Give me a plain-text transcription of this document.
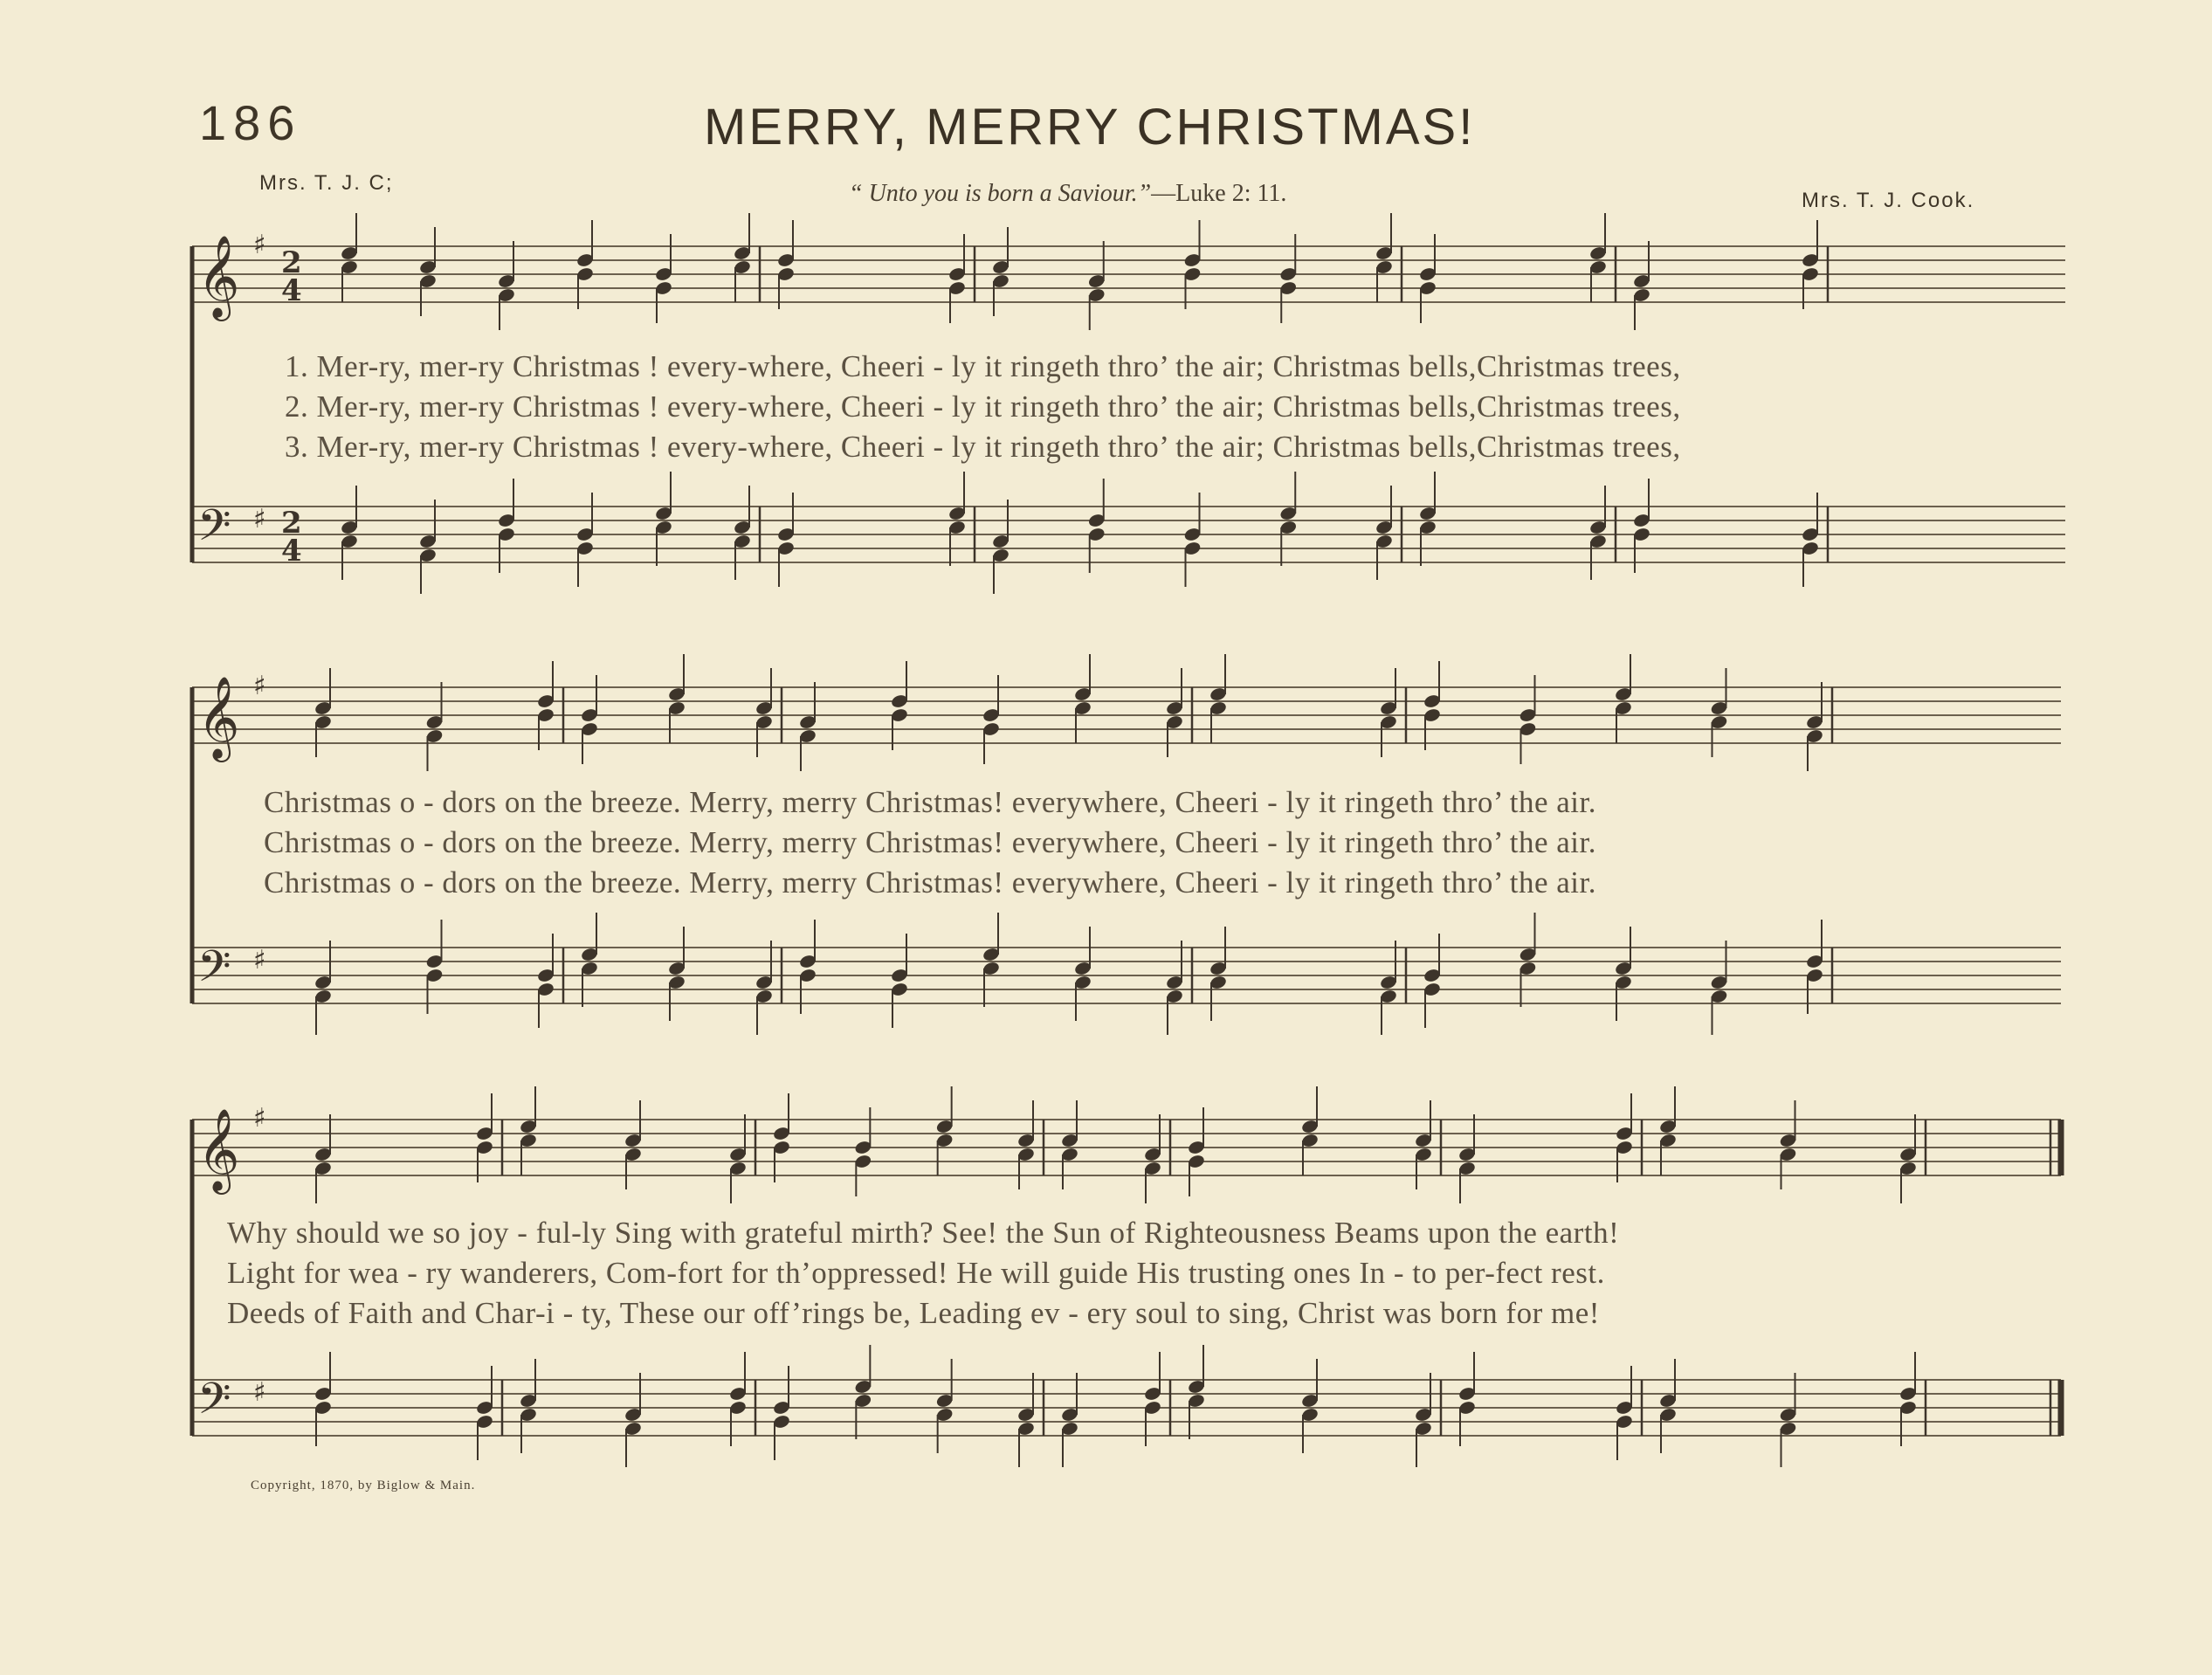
186	MERRY, MERRY CHRISTMAS!
Mrs. T. J. C;	“ Unto you is born a Saviour.”—Luke 2: 11.	Mrs. T. J. Cook.
𝄞 ♯
2
4
𝄢 ♯ 2
4
1. Mer-ry, mer-ry Christmas ! every-where, Cheeri - ly it ringeth thro’ the air; Christmas bells,Christmas trees,
2. Mer-ry, mer-ry Christmas ! every-where, Cheeri - ly it ringeth thro’ the air; Christmas bells,Christmas trees,
3. Mer-ry, mer-ry Christmas ! every-where, Cheeri - ly it ringeth thro’ the air; Christmas bells,Christmas trees,
𝄞 ♯
𝄢 ♯
Christmas o - dors on the breeze. Merry, merry Christmas! everywhere, Cheeri - ly it ringeth thro’ the air.
Christmas o - dors on the breeze. Merry, merry Christmas! everywhere, Cheeri - ly it ringeth thro’ the air.
Christmas o - dors on the breeze. Merry, merry Christmas! everywhere, Cheeri - ly it ringeth thro’ the air.
𝄞 ♯
𝄢 ♯
Why should we so joy - ful-ly Sing with grateful mirth? See! the Sun of Righteousness Beams upon the earth!
Light for wea - ry wanderers, Com-fort for th’oppressed! He will guide His trusting ones In - to per-fect rest.
Deeds of Faith and Char-i - ty, These our off’rings be, Leading ev - ery soul to sing, Christ was born for me!
Copyright, 1870, by Biglow & Main.
